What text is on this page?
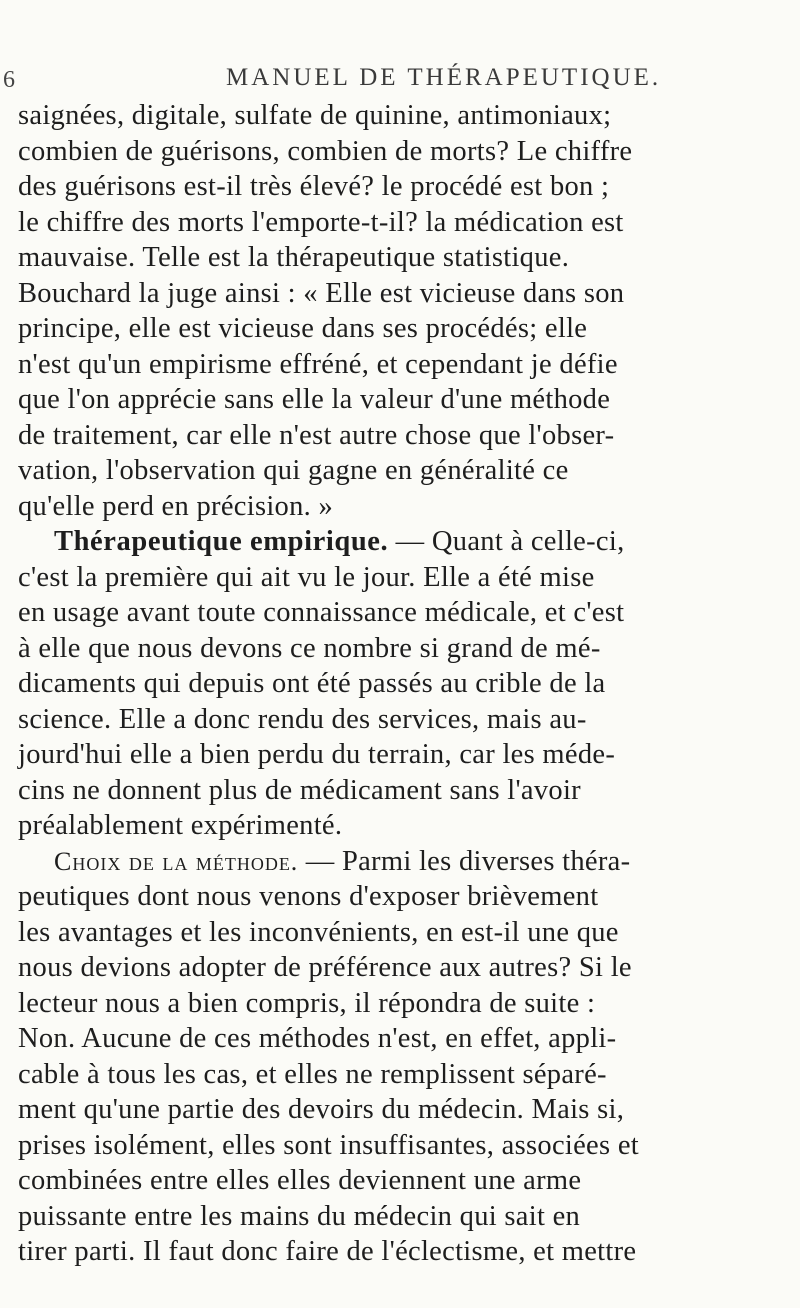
6	MANUEL DE THÉRAPEUTIQUE.
saignées, digitale, sulfate de quinine, antimoniaux;
combien de guérisons, combien de morts? Le chiffre
des guérisons est-il très élevé? le procédé est bon ;
le chiffre des morts l'emporte-t-il? la médication est
mauvaise. Telle est la thérapeutique statistique.
Bouchard la juge ainsi : « Elle est vicieuse dans son
principe, elle est vicieuse dans ses procédés; elle
n'est qu'un empirisme effréné, et cependant je défie
que l'on apprécie sans elle la valeur d'une méthode
de traitement, car elle n'est autre chose que l'obser-
vation, l'observation qui gagne en généralité ce
qu'elle perd en précision. »
Thérapeutique empirique. — Quant à celle-ci,
c'est la première qui ait vu le jour. Elle a été mise
en usage avant toute connaissance médicale, et c'est
à elle que nous devons ce nombre si grand de mé-
dicaments qui depuis ont été passés au crible de la
science. Elle a donc rendu des services, mais au-
jourd'hui elle a bien perdu du terrain, car les méde-
cins ne donnent plus de médicament sans l'avoir
préalablement expérimenté.
Choix de la méthode. — Parmi les diverses théra-
peutiques dont nous venons d'exposer brièvement
les avantages et les inconvénients, en est-il une que
nous devions adopter de préférence aux autres? Si le
lecteur nous a bien compris, il répondra de suite :
Non. Aucune de ces méthodes n'est, en effet, appli-
cable à tous les cas, et elles ne remplissent séparé-
ment qu'une partie des devoirs du médecin. Mais si,
prises isolément, elles sont insuffisantes, associées et
combinées entre elles elles deviennent une arme
puissante entre les mains du médecin qui sait en
tirer parti. Il faut donc faire de l'éclectisme, et mettre
